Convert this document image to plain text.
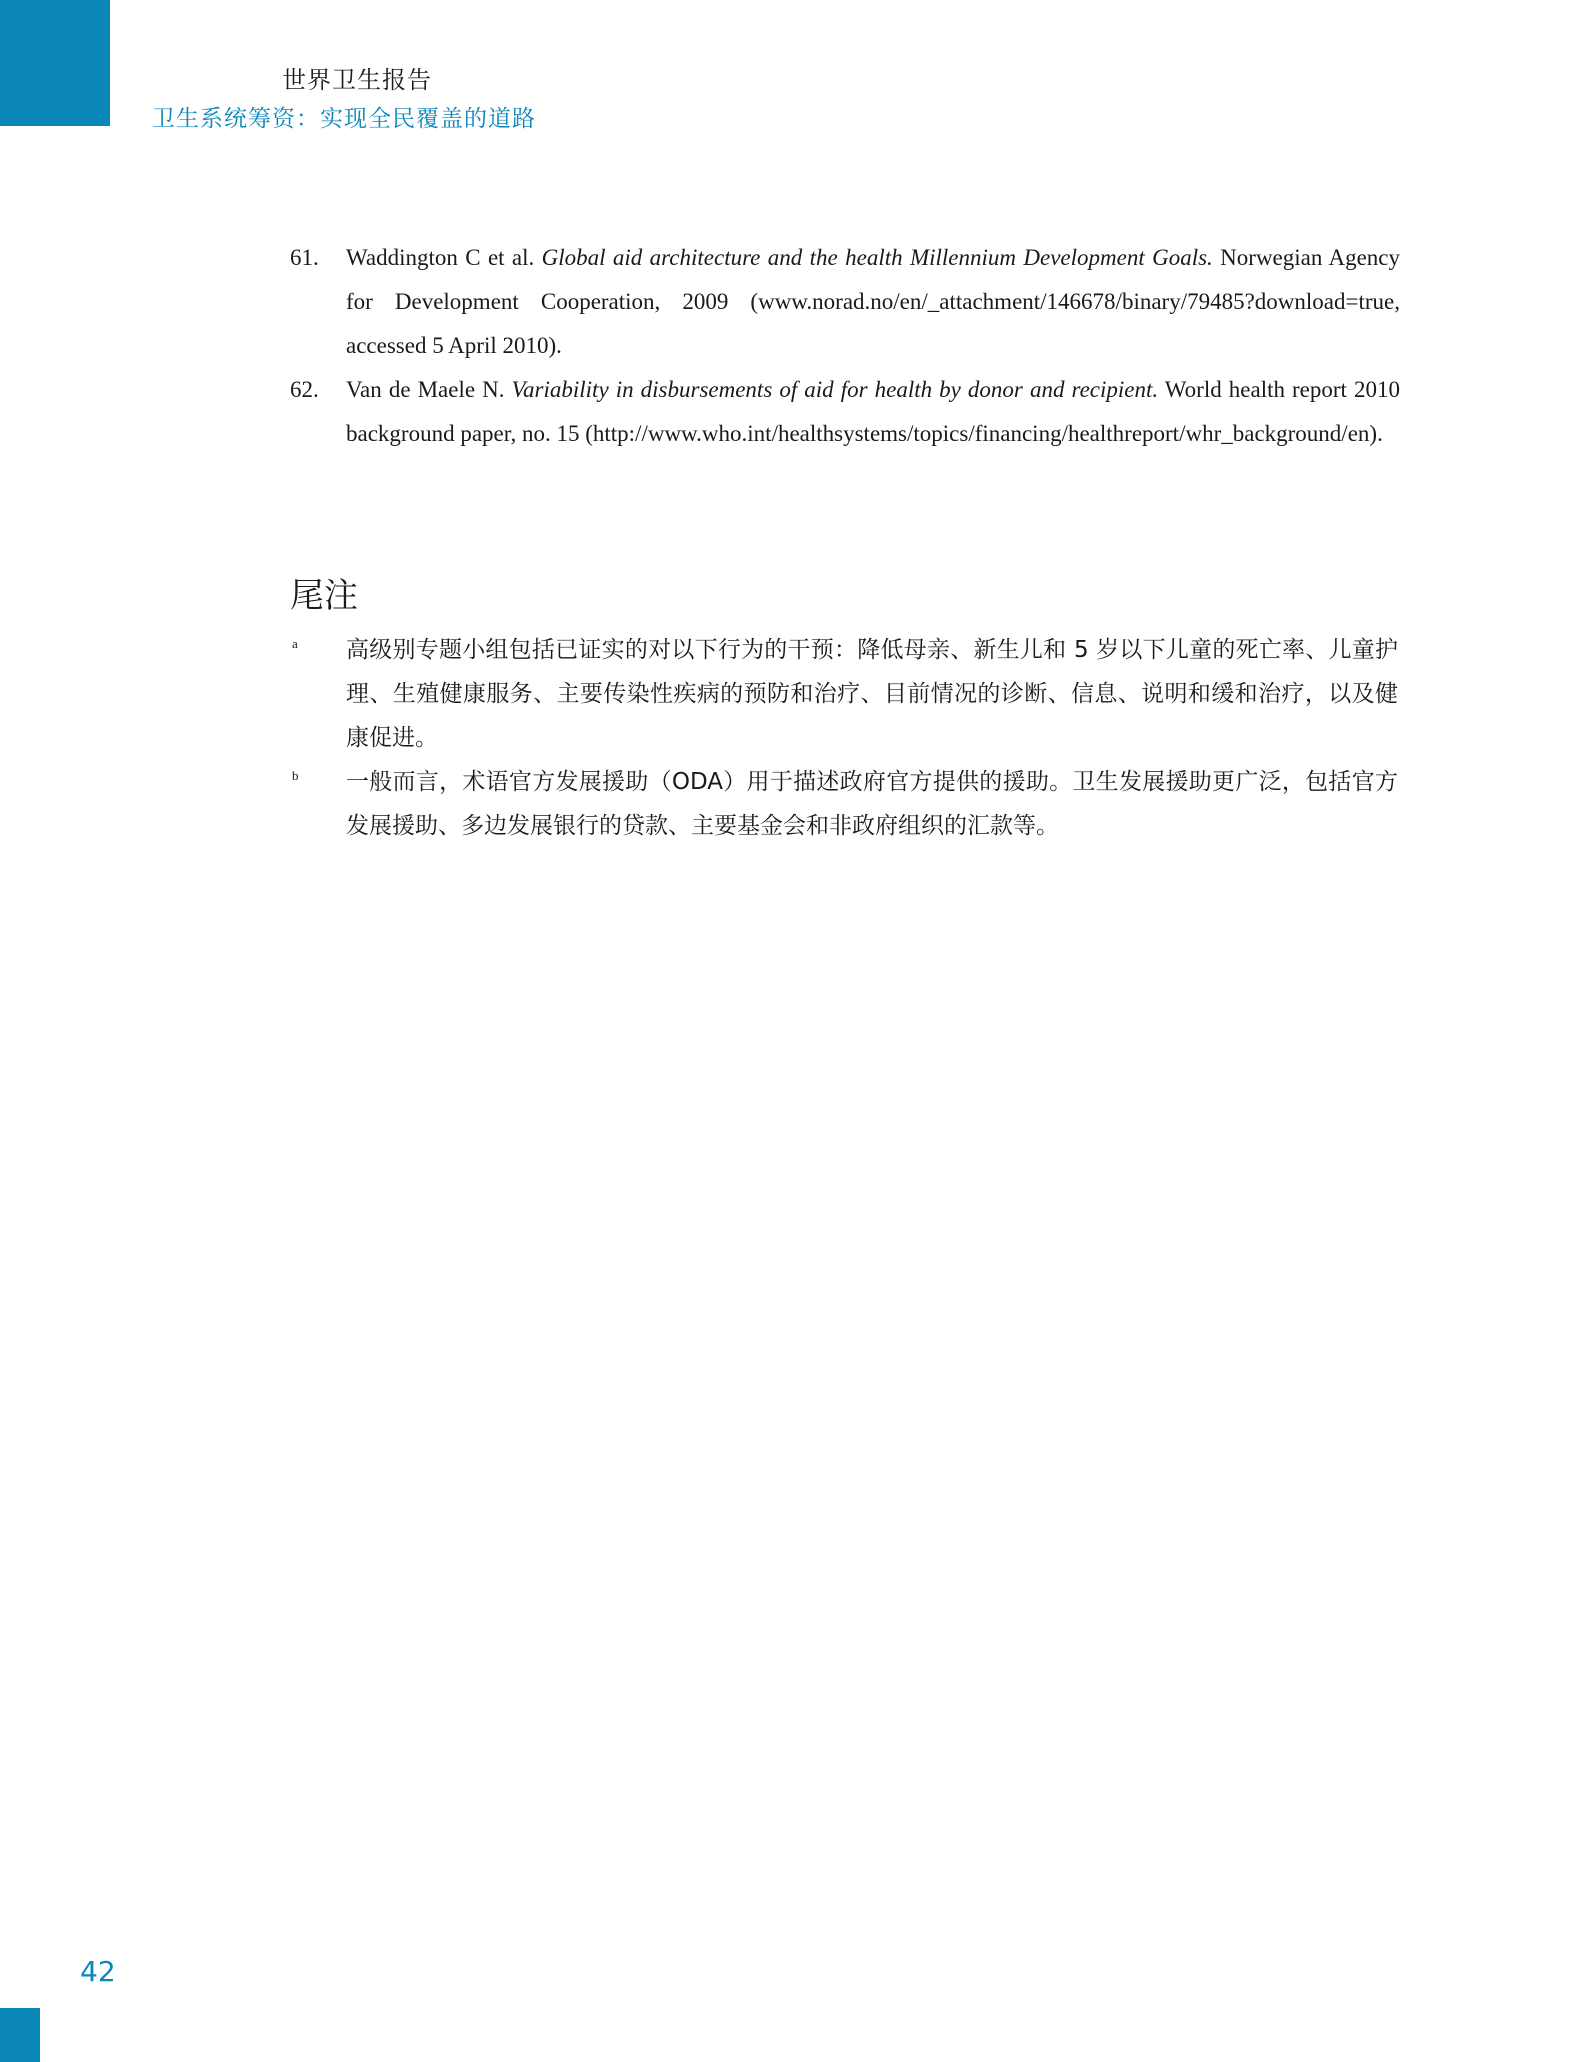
世界卫生报告
卫生系统筹资：实现全民覆盖的道路
61. Waddington C et al. Global aid architecture and the health Millennium Development Goals. Norwegian Agency for Development Cooperation, 2009 (www.norad.no/en/_attachment/146678/binary/79485?download=true, accessed 5 April 2010).
62. Van de Maele N. Variability in disbursements of aid for health by donor and recipient. World health report 2010 background paper, no. 15 (http://www.who.int/healthsystems/topics/financing/healthreport/whr_background/en).
尾注
a 高级别专题小组包括已证实的对以下行为的干预：降低母亲、新生儿和 5 岁以下儿童的死亡率、儿童护理、生殖健康服务、主要传染性疾病的预防和治疗、目前情况的诊断、信息、说明和缓和治疗，以及健康促进。
b 一般而言，术语官方发展援助（ODA）用于描述政府官方提供的援助。卫生发展援助更广泛，包括官方发展援助、多边发展银行的贷款、主要基金会和非政府组织的汇款等。
42
